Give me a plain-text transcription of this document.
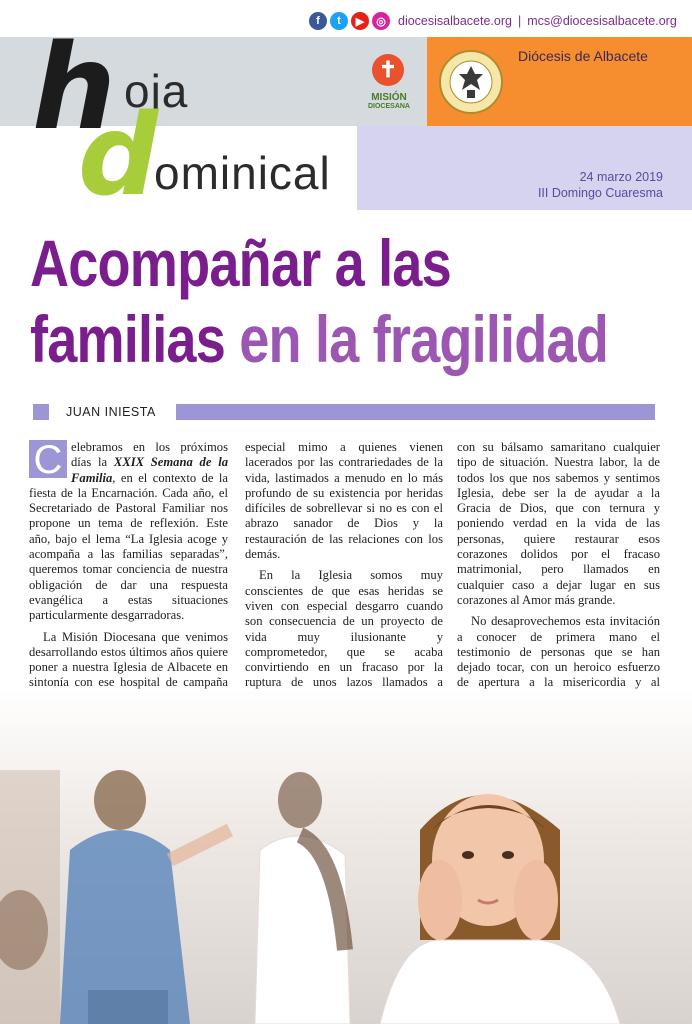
f	t	▶	◎ diocesisalbacete.org | mcs@diocesisalbacete.org
Diócesis de Albacete
24 marzo 2019
III Domingo Cuaresma
h oja
d
ominical
✝
MISIÓN
DIOCESANA
Acompañar a las
familias en la fragilidad
JUAN INIESTA

C elebramos en los próximos días la XXIX Semana de la Familia, en el contexto de la fiesta de la Encarnación. Cada año, el Secretariado de Pastoral Familiar nos propone un tema de reflexión. Este año, bajo el lema “La Iglesia acoge y acompaña a las familias separadas”, queremos tomar conciencia de nuestra obligación de dar una respuesta evangélica a estas situaciones particularmente desgarradoras.

La Misión Diocesana que venimos desarrollando estos últimos años quiere poner a nuestra Iglesia de Albacete en sintonía con ese hospital de campaña

especial mimo a quienes vienen lacerados por las contrariedades de la vida, lastimados a menudo en lo más profundo de su existencia por heridas difíciles de sobrellevar si no es con el abrazo sanador de Dios y la restauración de las relaciones con los demás.

En la Iglesia somos muy conscientes de que esas heridas se viven con especial desgarro cuando son consecuencia de un proyecto de vida muy ilusionante y comprometedor, que se acaba convirtiendo en un fracaso por la ruptura de unos lazos llamados a

con su bálsamo samaritano cualquier tipo de situación. Nuestra labor, la de todos los que nos sabemos y sentimos Iglesia, debe ser la de ayudar a la Gracia de Dios, que con ternura y poniendo verdad en la vida de las personas, quiere restaurar esos corazones dolidos por el fracaso matrimonial, pero llamados en cualquier caso a dejar lugar en sus corazones al Amor más grande.

No desaprovechemos esta invitación a conocer de primera mano el testimonio de personas que se han dejado tocar, con un heroico esfuerzo de apertura a la misericordia y al
